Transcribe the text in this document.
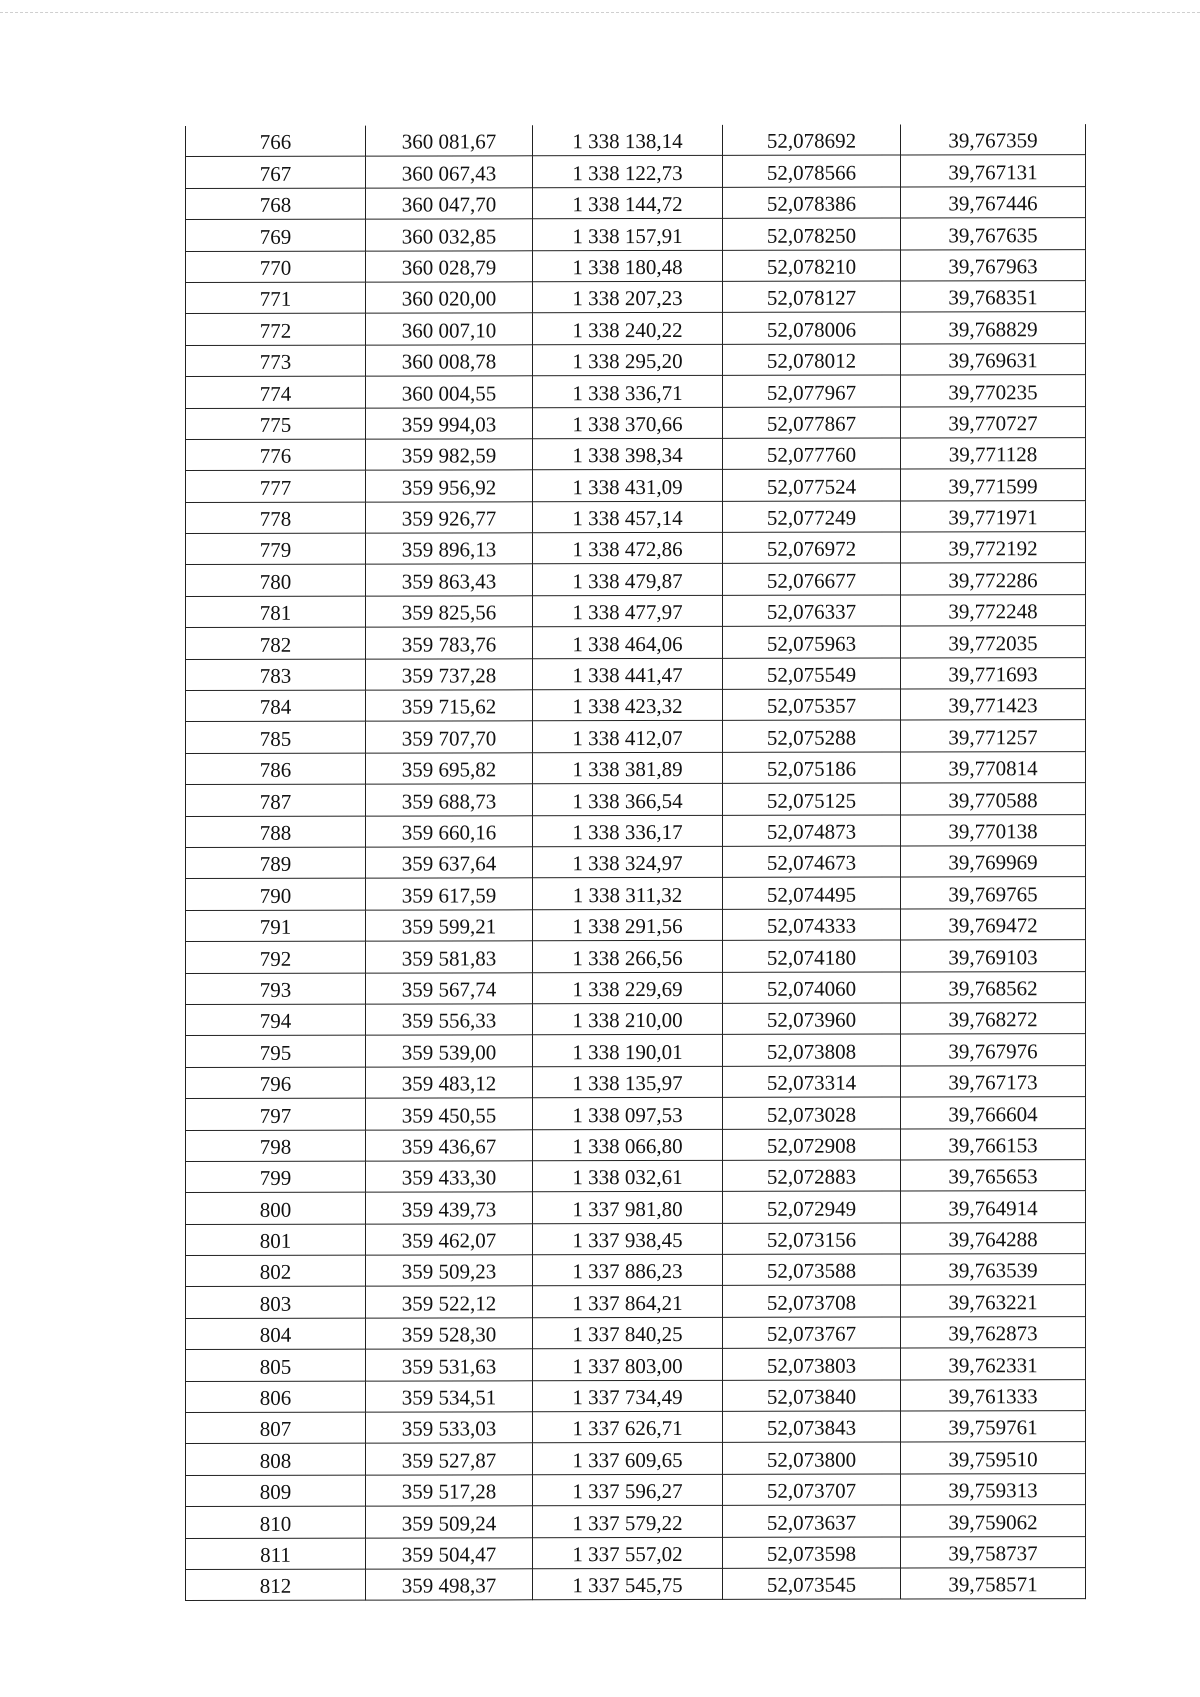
766	360 081,67	1 338 138,14	52,078692	39,767359
767	360 067,43	1 338 122,73	52,078566	39,767131
768	360 047,70	1 338 144,72	52,078386	39,767446
769	360 032,85	1 338 157,91	52,078250	39,767635
770	360 028,79	1 338 180,48	52,078210	39,767963
771	360 020,00	1 338 207,23	52,078127	39,768351
772	360 007,10	1 338 240,22	52,078006	39,768829
773	360 008,78	1 338 295,20	52,078012	39,769631
774	360 004,55	1 338 336,71	52,077967	39,770235
775	359 994,03	1 338 370,66	52,077867	39,770727
776	359 982,59	1 338 398,34	52,077760	39,771128
777	359 956,92	1 338 431,09	52,077524	39,771599
778	359 926,77	1 338 457,14	52,077249	39,771971
779	359 896,13	1 338 472,86	52,076972	39,772192
780	359 863,43	1 338 479,87	52,076677	39,772286
781	359 825,56	1 338 477,97	52,076337	39,772248
782	359 783,76	1 338 464,06	52,075963	39,772035
783	359 737,28	1 338 441,47	52,075549	39,771693
784	359 715,62	1 338 423,32	52,075357	39,771423
785	359 707,70	1 338 412,07	52,075288	39,771257
786	359 695,82	1 338 381,89	52,075186	39,770814
787	359 688,73	1 338 366,54	52,075125	39,770588
788	359 660,16	1 338 336,17	52,074873	39,770138
789	359 637,64	1 338 324,97	52,074673	39,769969
790	359 617,59	1 338 311,32	52,074495	39,769765
791	359 599,21	1 338 291,56	52,074333	39,769472
792	359 581,83	1 338 266,56	52,074180	39,769103
793	359 567,74	1 338 229,69	52,074060	39,768562
794	359 556,33	1 338 210,00	52,073960	39,768272
795	359 539,00	1 338 190,01	52,073808	39,767976
796	359 483,12	1 338 135,97	52,073314	39,767173
797	359 450,55	1 338 097,53	52,073028	39,766604
798	359 436,67	1 338 066,80	52,072908	39,766153
799	359 433,30	1 338 032,61	52,072883	39,765653
800	359 439,73	1 337 981,80	52,072949	39,764914
801	359 462,07	1 337 938,45	52,073156	39,764288
802	359 509,23	1 337 886,23	52,073588	39,763539
803	359 522,12	1 337 864,21	52,073708	39,763221
804	359 528,30	1 337 840,25	52,073767	39,762873
805	359 531,63	1 337 803,00	52,073803	39,762331
806	359 534,51	1 337 734,49	52,073840	39,761333
807	359 533,03	1 337 626,71	52,073843	39,759761
808	359 527,87	1 337 609,65	52,073800	39,759510
809	359 517,28	1 337 596,27	52,073707	39,759313
810	359 509,24	1 337 579,22	52,073637	39,759062
811	359 504,47	1 337 557,02	52,073598	39,758737
812	359 498,37	1 337 545,75	52,073545	39,758571
